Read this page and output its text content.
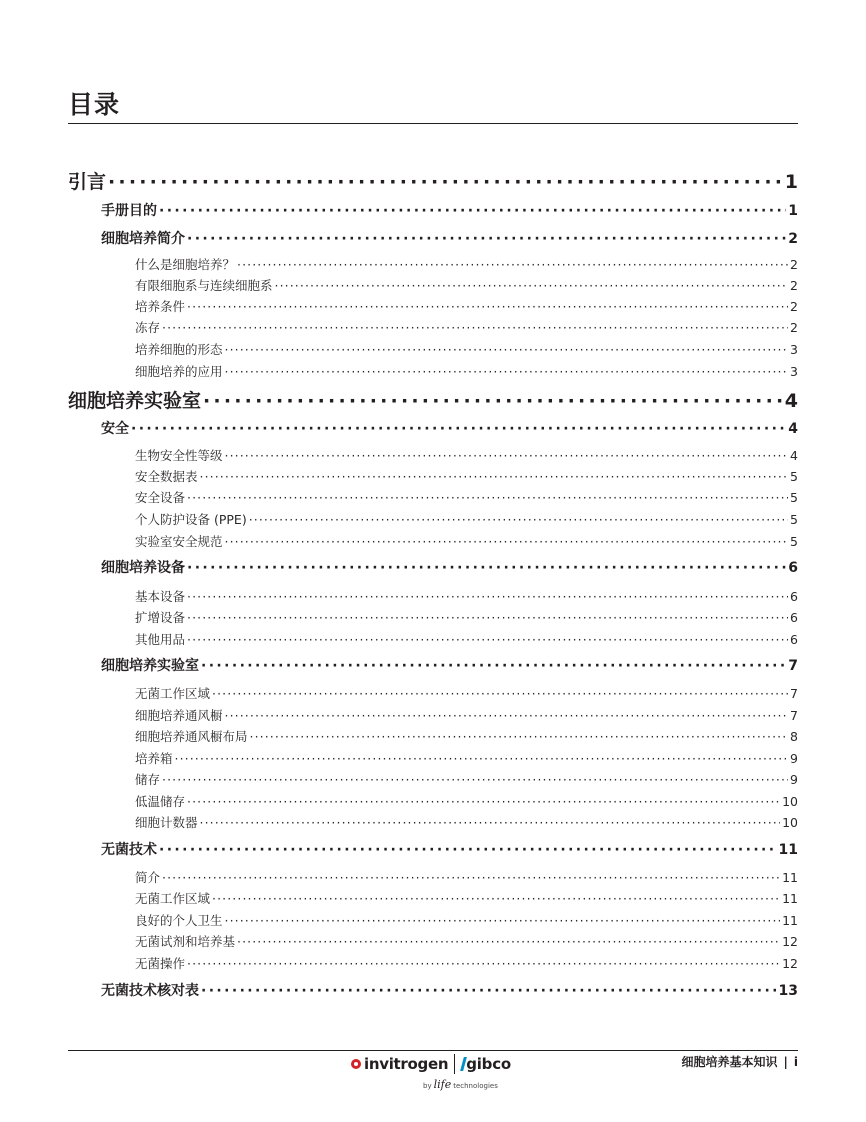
目录
引言 ·····	1
手册目的 ·····	1
细胞培养简介 ·····	2
什么是细胞培养？ ·····	2
有限细胞系与连续细胞系 ·····	2
培养条件 ·····	2
冻存 ·····	2
培养细胞的形态 ·····	3
细胞培养的应用 ·····	3
细胞培养实验室 ·····	4
安全 ·····	4
生物安全性等级 ·····	4
安全数据表 ·····	5
安全设备 ·····	5
个人防护设备 (PPE) ·····	5
实验室安全规范 ·····	5
细胞培养设备 ·····	6
基本设备 ·····	6
扩增设备 ·····	6
其他用品 ·····	6
细胞培养实验室 ·····	7
无菌工作区域 ·····	7
细胞培养通风橱 ·····	7
细胞培养通风橱布局 ·····	8
培养箱 ·····	9
储存 ·····	9
低温储存 ·····	10
细胞计数器 ·····	10
无菌技术 ·····	11
简介 ·····	11
无菌工作区域 ·····	11
良好的个人卫生 ·····	11
无菌试剂和培养基 ·····	12
无菌操作 ·····	12
无菌技术核对表 ·····	13
invitrogen gibco
by life technologies
细胞培养基本知识 | i
